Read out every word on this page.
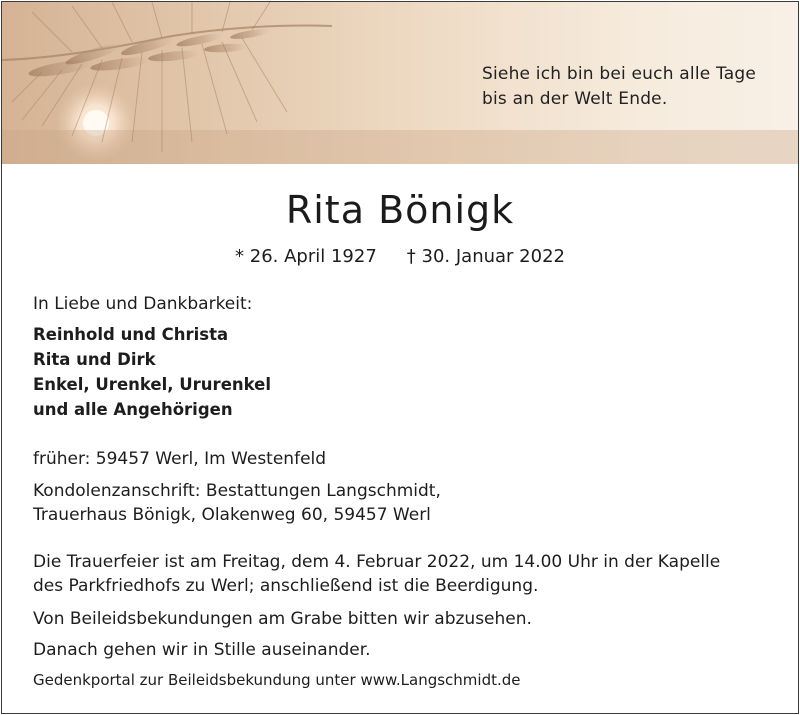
Siehe ich bin bei euch alle Tage
bis an der Welt Ende.
Rita Bönigk
* 26. April 1927 † 30. Januar 2022
In Liebe und Dankbarkeit:
Reinhold und Christa
Rita und Dirk
Enkel, Urenkel, Ururenkel
und alle Angehörigen
früher: 59457 Werl, Im Westenfeld
Kondolenzanschrift: Bestattungen Langschmidt,
Trauerhaus Bönigk, Olakenweg 60, 59457 Werl
Die Trauerfeier ist am Freitag, dem 4. Februar 2022, um 14.00 Uhr in der Kapelle
des Parkfriedhofs zu Werl; anschließend ist die Beerdigung.
Von Beileidsbekundungen am Grabe bitten wir abzusehen.
Danach gehen wir in Stille auseinander.
Gedenkportal zur Beileidsbekundung unter www.Langschmidt.de
